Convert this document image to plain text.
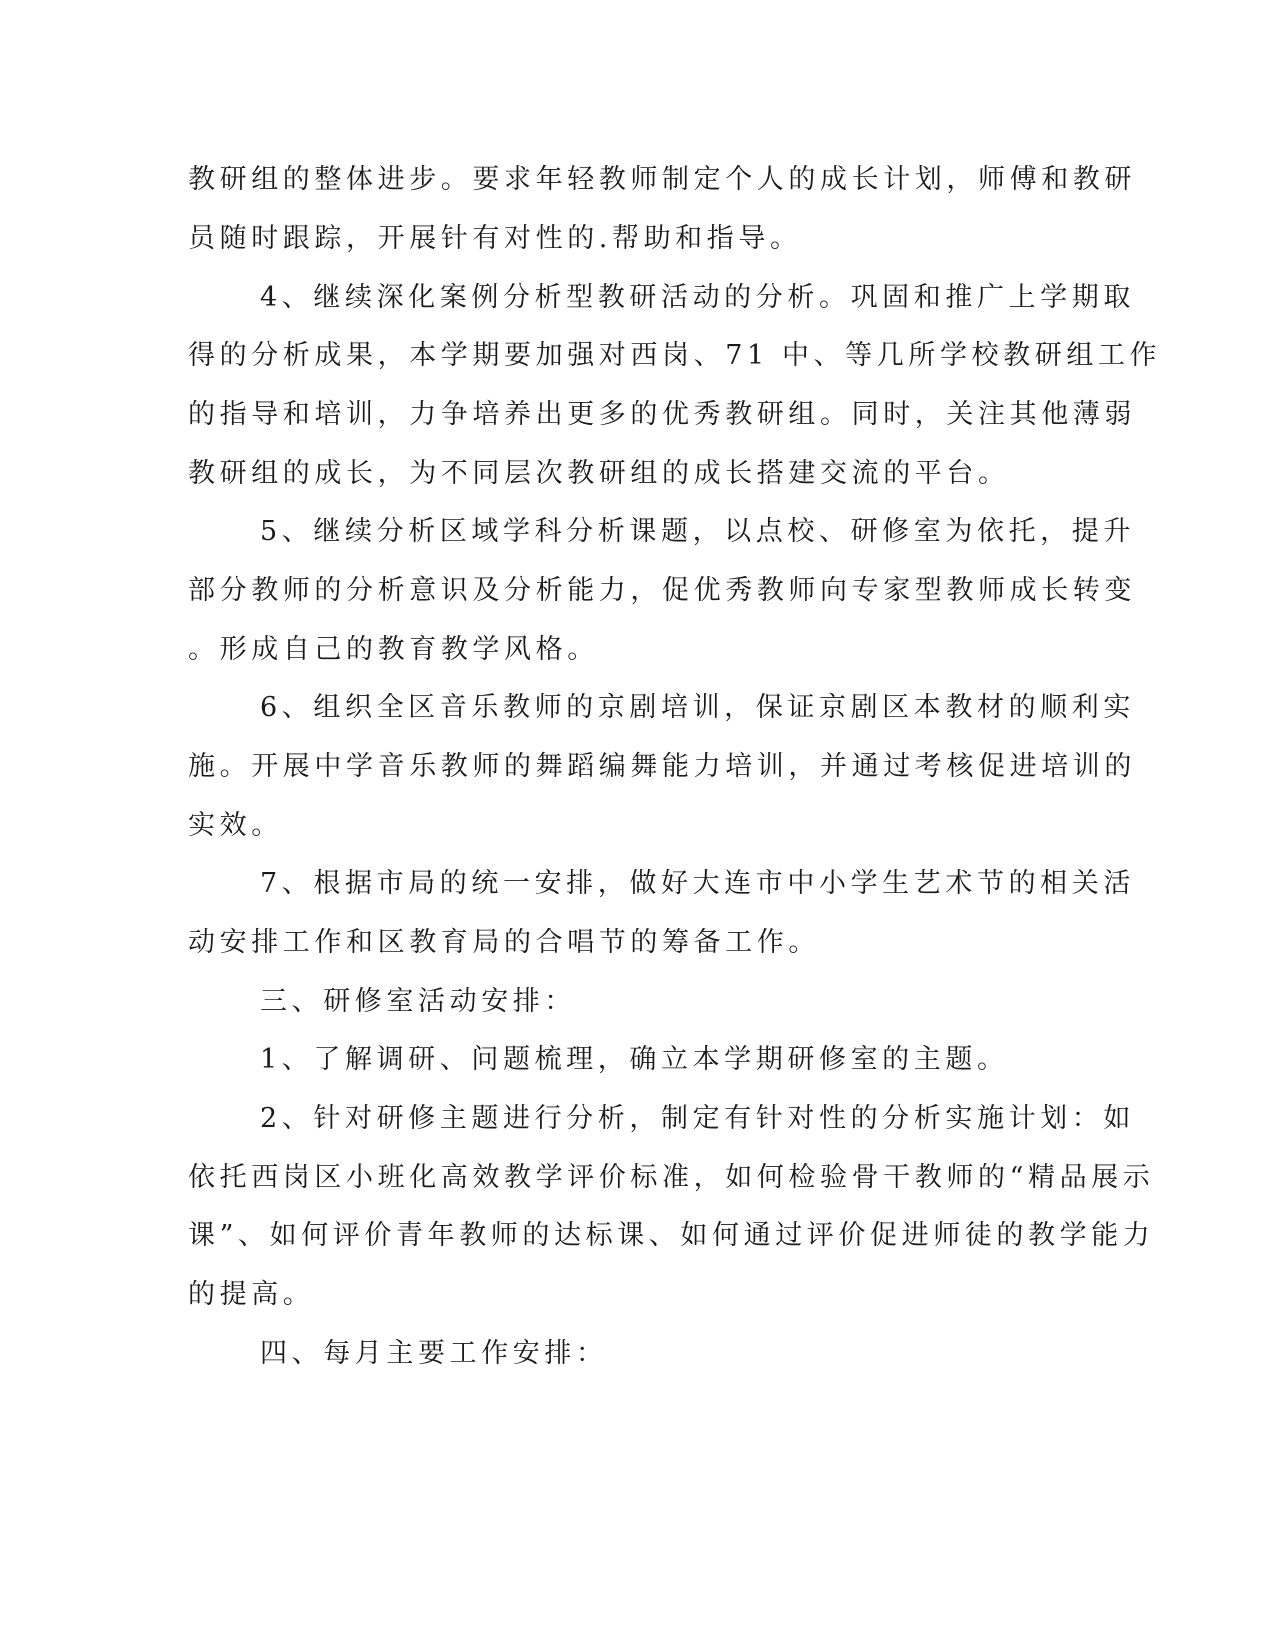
教研组的整体进步。要求年轻教师制定个人的成长计划，师傅和教研
员随时跟踪，开展针有对性的.帮助和指导。
4、继续深化案例分析型教研活动的分析。巩固和推广上学期取
得的分析成果，本学期要加强对西岗、71 中、等几所学校教研组工作
的指导和培训，力争培养出更多的优秀教研组。同时，关注其他薄弱
教研组的成长，为不同层次教研组的成长搭建交流的平台。
5、继续分析区域学科分析课题，以点校、研修室为依托，提升
部分教师的分析意识及分析能力，促优秀教师向专家型教师成长转变
。形成自己的教育教学风格。
6、组织全区音乐教师的京剧培训，保证京剧区本教材的顺利实
施。开展中学音乐教师的舞蹈编舞能力培训，并通过考核促进培训的
实效。
7、根据市局的统一安排，做好大连市中小学生艺术节的相关活
动安排工作和区教育局的合唱节的筹备工作。
三、研修室活动安排：
1、了解调研、问题梳理，确立本学期研修室的主题。
2、针对研修主题进行分析，制定有针对性的分析实施计划：如
依托西岗区小班化高效教学评价标准，如何检验骨干教师的“精品展示
课”、如何评价青年教师的达标课、如何通过评价促进师徒的教学能力
的提高。
四、每月主要工作安排：
